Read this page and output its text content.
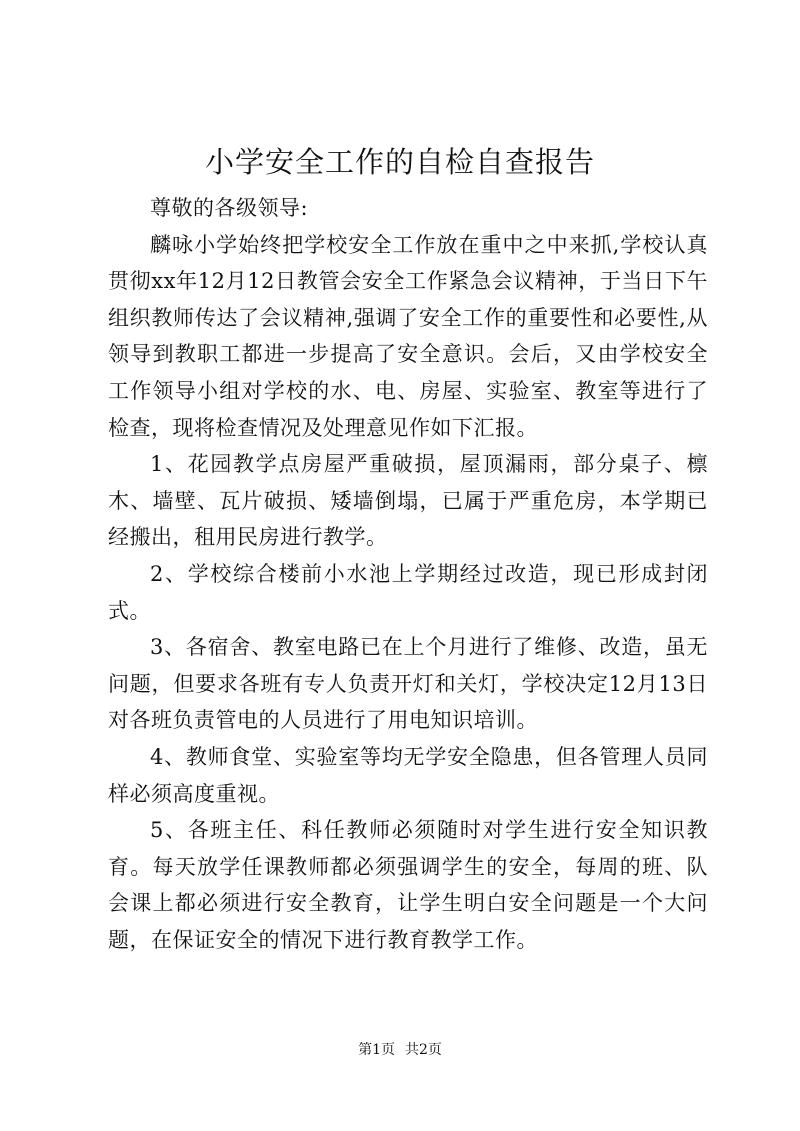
小学安全工作的自检自查报告

尊敬的各级领导:

麟咏小学始终把学校安全工作放在重中之中来抓,学校认真贯彻xx年12月12日教管会安全工作紧急会议精神，于当日下午组织教师传达了会议精神,强调了安全工作的重要性和必要性,从领导到教职工都进一步提高了安全意识。会后，又由学校安全工作领导小组对学校的水、电、房屋、实验室、教室等进行了检查，现将检查情况及处理意见作如下汇报。

1、花园教学点房屋严重破损，屋顶漏雨，部分桌子、檩木、墙壁、瓦片破损、矮墙倒塌，已属于严重危房，本学期已经搬出，租用民房进行教学。

2、学校综合楼前小水池上学期经过改造，现已形成封闭式。

3、各宿舍、教室电路已在上个月进行了维修、改造，虽无问题，但要求各班有专人负责开灯和关灯，学校决定12月13日对各班负责管电的人员进行了用电知识培训。

4、教师食堂、实验室等均无学安全隐患，但各管理人员同样必须高度重视。

5、各班主任、科任教师必须随时对学生进行安全知识教育。每天放学任课教师都必须强调学生的安全，每周的班、队会课上都必须进行安全教育，让学生明白安全问题是一个大问题，在保证安全的情况下进行教育教学工作。

第1页 共2页
